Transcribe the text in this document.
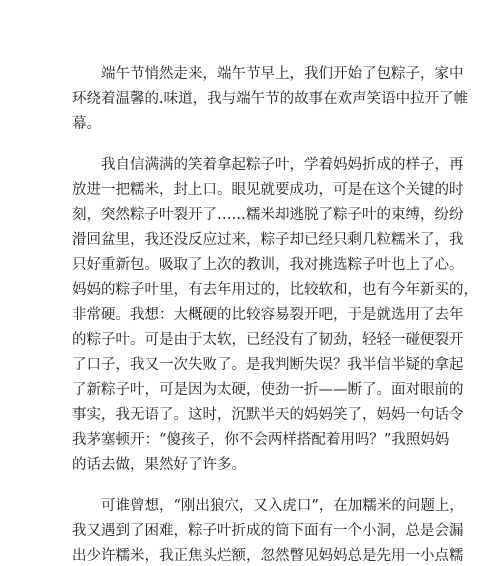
　　端午节悄然走来，端午节早上，我们开始了包粽子，家中
环绕着温馨的.味道，我与端午节的故事在欢声笑语中拉开了帷
幕。
　　我自信满满的笑着拿起粽子叶，学着妈妈折成的样子，再
放进一把糯米，封上口。眼见就要成功，可是在这个关键的时
刻，突然粽子叶裂开了……糯米却逃脱了粽子叶的束缚，纷纷
滑回盆里，我还没反应过来，粽子却已经只剩几粒糯米了，我
只好重新包。吸取了上次的教训，我对挑选粽子叶也上了心。
妈妈的粽子叶里，有去年用过的，比较软和，也有今年新买的，
非常硬。我想：大概硬的比较容易裂开吧，于是就选用了去年
的粽子叶。可是由于太软，已经没有了韧劲，轻轻一碰便裂开
了口子，我又一次失败了。是我判断失误？我半信半疑的拿起
了新粽子叶，可是因为太硬，使劲一折——断了。面对眼前的
事实，我无语了。这时，沉默半天的妈妈笑了，妈妈一句话令
我茅塞顿开：“傻孩子，你不会两样搭配着用吗？”我照妈妈
的话去做，果然好了许多。
　　可谁曾想，“刚出狼穴，又入虎口”，在加糯米的问题上，
我又遇到了困难，粽子叶折成的筒下面有一个小洞，总是会漏
出少许糯米，我正焦头烂额，忽然瞥见妈妈总是先用一小点糯
